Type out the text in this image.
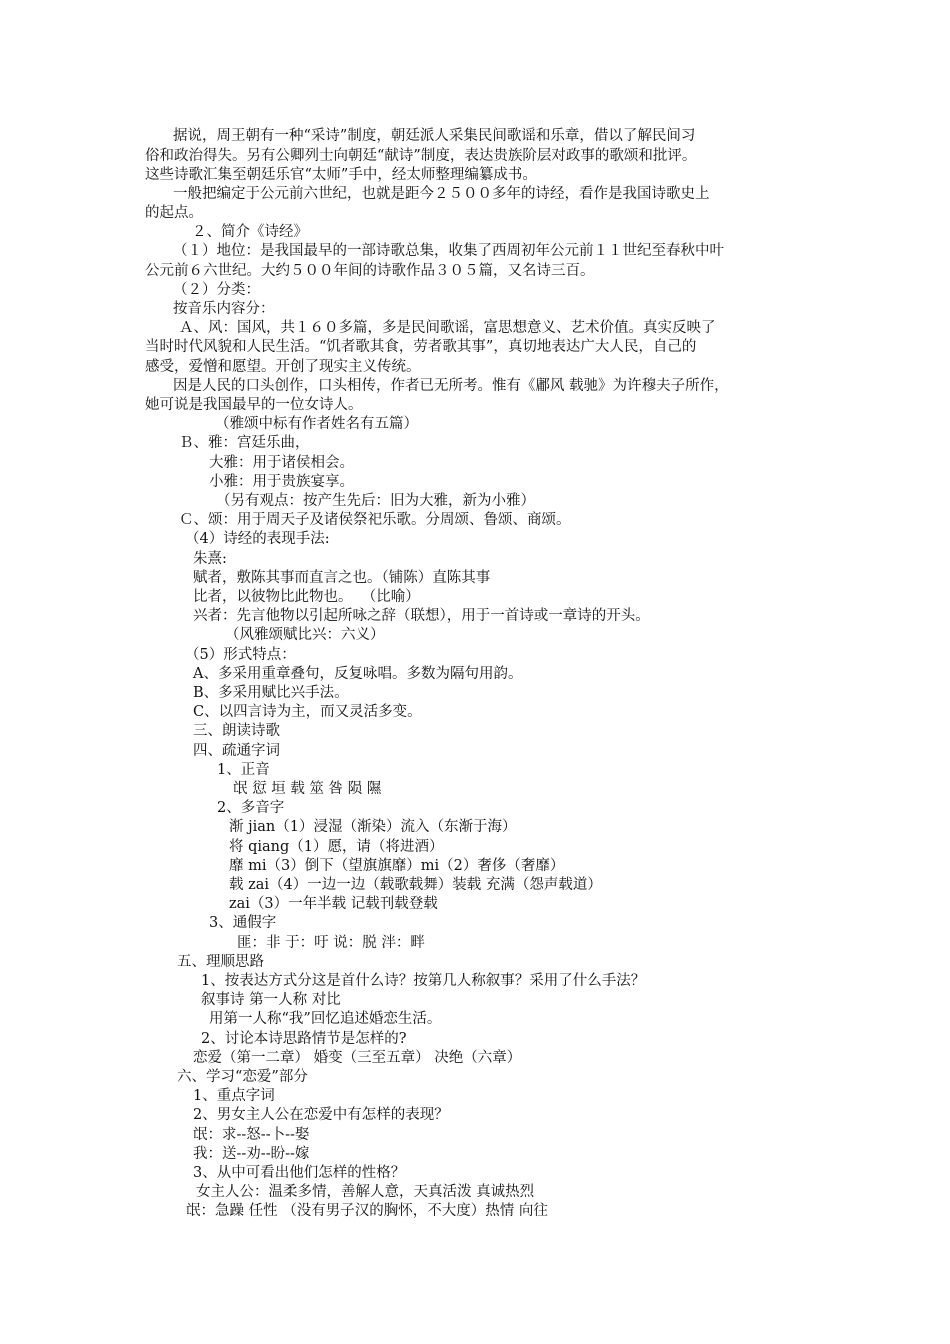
据说，周王朝有一种“采诗”制度，朝廷派人采集民间歌谣和乐章，借以了解民间习
俗和政治得失。另有公卿列士向朝廷“献诗”制度，表达贵族阶层对政事的歌颂和批评。
这些诗歌汇集至朝廷乐官“太师”手中，经太师整理编纂成书。
一般把编定于公元前六世纪，也就是距今２５００多年的诗经，看作是我国诗歌史上
的起点。
２、简介《诗经》
（１）地位：是我国最早的一部诗歌总集，收集了西周初年公元前１１世纪至春秋中叶
公元前６六世纪。大约５００年间的诗歌作品３０５篇，又名诗三百。
（２）分类：
按音乐内容分：
Ａ、风：国风，共１６０多篇，多是民间歌谣，富思想意义、艺术价值。真实反映了
当时时代风貌和人民生活。“饥者歌其食，劳者歌其事”，真切地表达广大人民，自己的
感受，爱憎和愿望。开创了现实主义传统。
因是人民的口头创作，口头相传，作者已无所考。惟有《鄘风 载驰》为许穆夫子所作，
她可说是我国最早的一位女诗人。
（雅颂中标有作者姓名有五篇）
Ｂ、雅：宫廷乐曲，
大雅：用于诸侯相会。
小雅：用于贵族宴享。
（另有观点：按产生先后：旧为大雅，新为小雅）
Ｃ、颂：用于周天子及诸侯祭祀乐歌。分周颂、鲁颂、商颂。
（4）诗经的表现手法:
朱熹:
赋者，敷陈其事而直言之也。（铺陈）直陈其事
比者，以彼物比此物也。  （比喻）
兴者：先言他物以引起所咏之辞（联想），用于一首诗或一章诗的开头。
（风雅颂赋比兴：六义）
（5）形式特点：
A、多采用重章叠句，反复咏唱。多数为隔句用韵。
B、多采用赋比兴手法。
C、以四言诗为主，而又灵活多变。
三、朗读诗歌
四、疏通字词
1、正音
氓 愆 垣 载 筮 咎 陨 隰
2、多音字
渐 jian（1）浸湿（渐染）流入（东渐于海）
将 qiang（1）愿，请（将进酒）
靡 mi（3）倒下（望旗旗靡）mi（2）奢侈（奢靡）
载 zai（4）一边一边（载歌载舞）装载 充满（怨声载道）
zai（3）一年半载 记载刊载登载
3、通假字
匪：非 于：吁 说：脱 泮：畔
五、理顺思路
1、按表达方式分这是首什么诗？按第几人称叙事？采用了什么手法？
叙事诗 第一人称 对比
用第一人称“我”回忆追述婚恋生活。
2、讨论本诗思路情节是怎样的?
恋爱（第一二章） 婚变（三至五章） 决绝（六章）
六、学习“恋爱”部分
1、重点字词
2、男女主人公在恋爱中有怎样的表现？
氓：求--怒--卜--娶
我：送--劝--盼--嫁
3、从中可看出他们怎样的性格？
女主人公：温柔多情，善解人意，天真活泼 真诚热烈
氓：急躁 任性 （没有男子汉的胸怀，不大度）热情 向往
